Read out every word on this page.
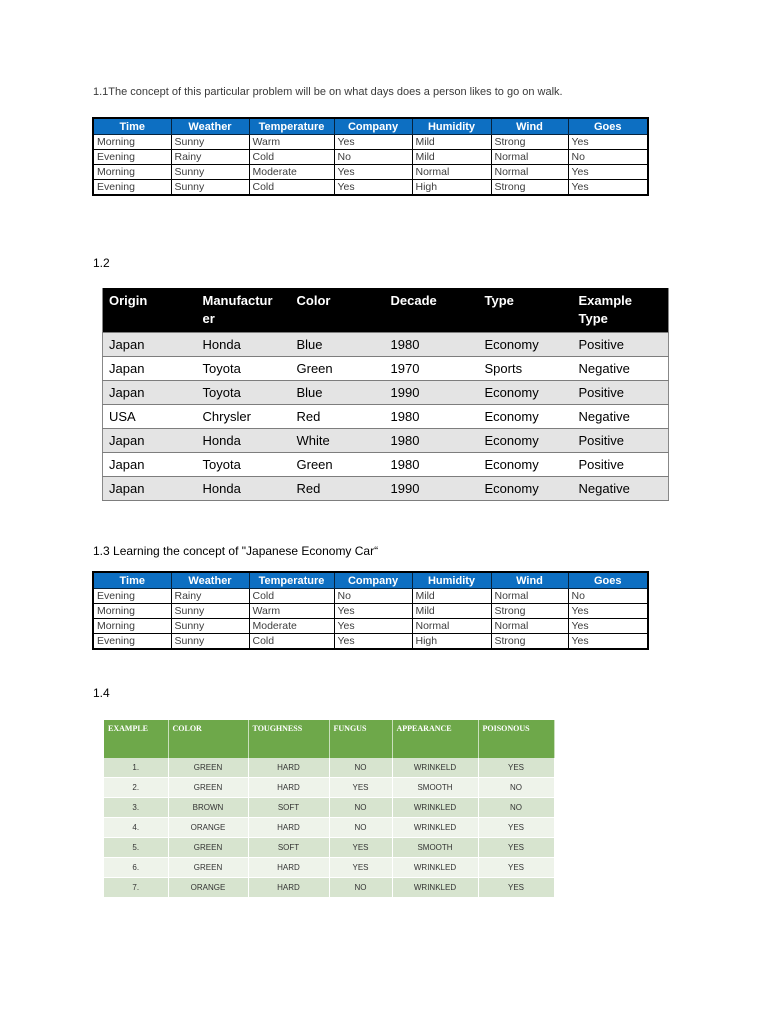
1.1The concept of this particular problem will be on what days does a person likes to go on walk.
Time	Weather	Temperature	Company	Humidity	Wind	Goes
Morning	Sunny	Warm	Yes	Mild	Strong	Yes
Evening	Rainy	Cold	No	Mild	Normal	No
Morning	Sunny	Moderate	Yes	Normal	Normal	Yes
Evening	Sunny	Cold	Yes	High	Strong	Yes
1.2
Origin	Manufactur er	Color	Decade	Type	Example Type
Japan	Honda	Blue	1980	Economy	Positive
Japan	Toyota	Green	1970	Sports	Negative
Japan	Toyota	Blue	1990	Economy	Positive
USA	Chrysler	Red	1980	Economy	Negative
Japan	Honda	White	1980	Economy	Positive
Japan	Toyota	Green	1980	Economy	Positive
Japan	Honda	Red	1990	Economy	Negative
1.3 Learning the concept of "Japanese Economy Car“
Time	Weather	Temperature	Company	Humidity	Wind	Goes
Evening	Rainy	Cold	No	Mild	Normal	No
Morning	Sunny	Warm	Yes	Mild	Strong	Yes
Morning	Sunny	Moderate	Yes	Normal	Normal	Yes
Evening	Sunny	Cold	Yes	High	Strong	Yes
1.4
EXAMPLE	COLOR	TOUGHNESS	FUNGUS	APPEARANCE	POISONOUS
1.	GREEN	HARD	NO	WRINKELD	YES
2.	GREEN	HARD	YES	SMOOTH	NO
3.	BROWN	SOFT	NO	WRINKLED	NO
4.	ORANGE	HARD	NO	WRINKLED	YES
5.	GREEN	SOFT	YES	SMOOTH	YES
6.	GREEN	HARD	YES	WRINKLED	YES
7.	ORANGE	HARD	NO	WRINKLED	YES
